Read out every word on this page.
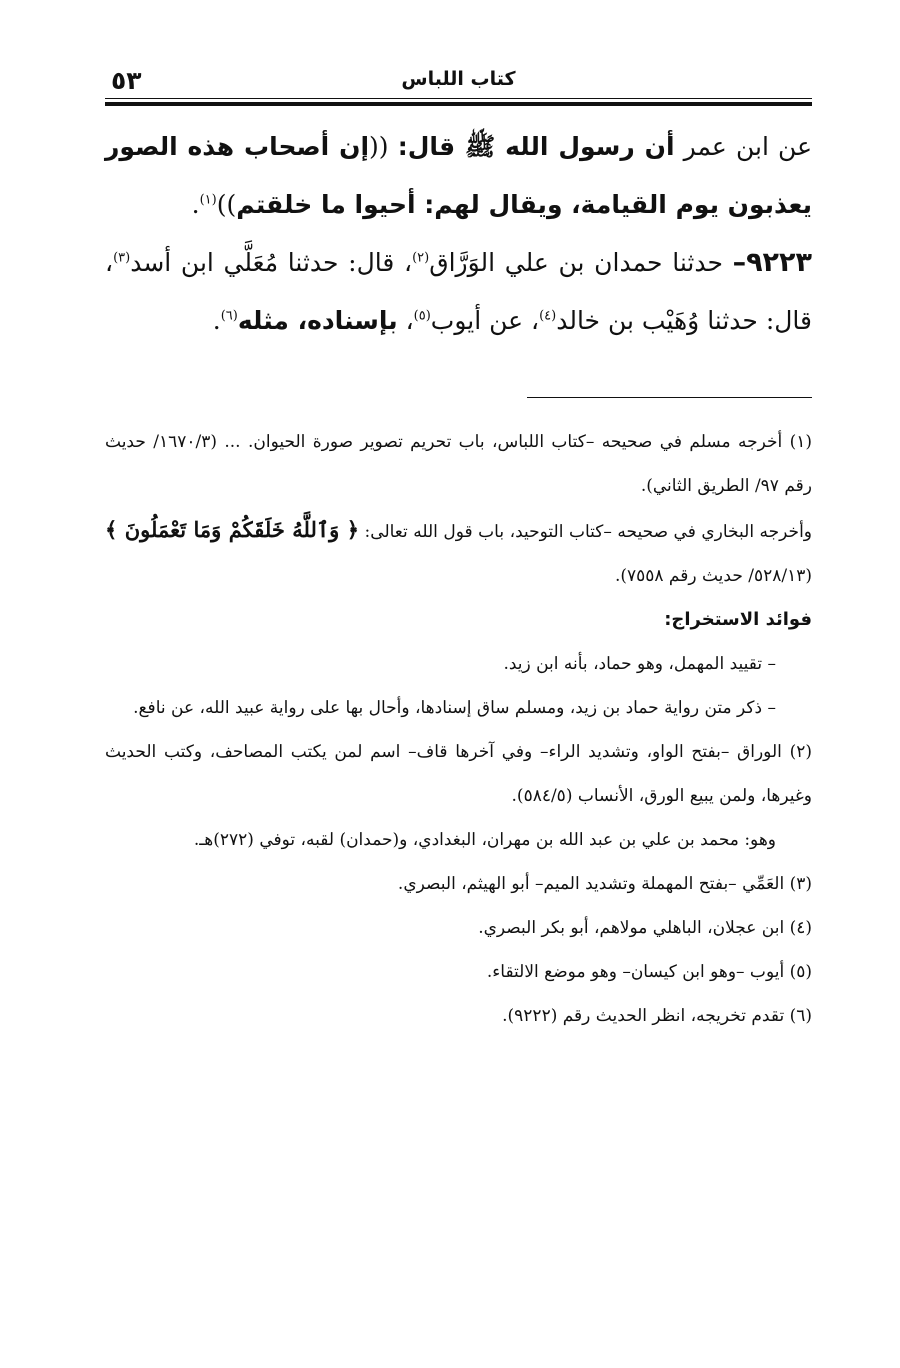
كتاب اللباس
٥٣

عن ابن عمر أن رسول الله ﷺ قال: ((إن أصحاب هذه الصور يعذبون يوم القيامة، ويقال لهم: أحيوا ما خلقتم))$^{(١)}$.

٩٢٢٣– حدثنا حمدان بن علي الوَرَّاق$^{(٢)}$، قال: حدثنا مُعَلَّي ابن أسد$^{(٣)}$، قال: حدثنا وُهَيْب بن خالد$^{(٤)}$، عن أيوب$^{(٥)}$، بإسناده، مثله$^{(٦)}$.

(١) أخرجه مسلم في صحيحه –كتاب اللباس، باب تحريم تصوير صورة الحيوان. ... (١٦٧٠/٣/ حديث رقم ٩٧/ الطريق الثاني).

وأخرجه البخاري في صحيحه –كتاب التوحيد، باب قول الله تعالى: ﴿ وَٱللَّهُ خَلَقَكُمْ وَمَا تَعْمَلُونَ ﴾ (٥٢٨/١٣/ حديث رقم ٧٥٥٨).

فوائد الاستخراج:

– تقييد المهمل، وهو حماد، بأنه ابن زيد.

– ذكر متن رواية حماد بن زيد، ومسلم ساق إسنادها، وأحال بها على رواية عبيد الله، عن نافع.

(٢) الوراق –بفتح الواو، وتشديد الراء– وفي آخرها قاف– اسم لمن يكتب المصاحف، وكتب الحديث وغيرها، ولمن يبيع الورق، الأنساب (٥٨٤/٥).

وهو: محمد بن علي بن عبد الله بن مهران، البغدادي، و(حمدان) لقبه، توفي (٢٧٢)هـ.

(٣) العَمِّي –بفتح المهملة وتشديد الميم– أبو الهيثم، البصري.

(٤) ابن عجلان، الباهلي مولاهم، أبو بكر البصري.

(٥) أيوب –وهو ابن كيسان– وهو موضع الالتقاء.

(٦) تقدم تخريجه، انظر الحديث رقم (٩٢٢٢).
